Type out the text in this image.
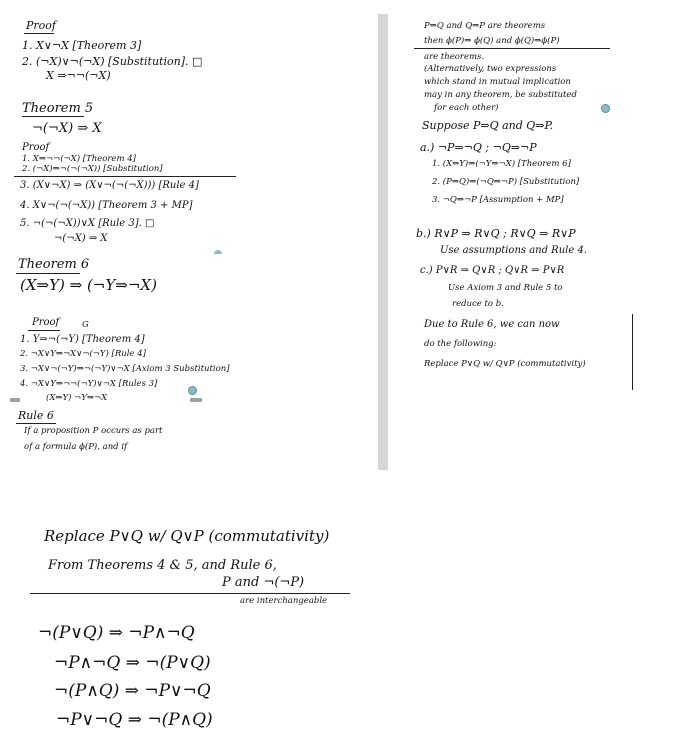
Proof
1. X∨¬X [Theorem 3]
2. (¬X)∨¬(¬X) [Substitution]. □
X ⇒¬¬(¬X)
Theorem 5
¬(¬X) ⇒ X
Proof
1. X⇒¬¬(¬X) [Theorem 4]
2. (¬X)⇒¬(¬(¬X)) [Substitution]
3. (X∨¬X) ⇒ (X∨¬(¬(¬X))) [Rule 4]
4. X∨¬(¬(¬X)) [Theorem 3 + MP]
5. ¬(¬(¬X))∨X [Rule 3]. □
¬(¬X) ⇒ X
Theorem 6
(X⇒Y) ⇒ (¬Y⇒¬X)
Proof	G
1. Y⇒¬(¬Y) [Theorem 4]
2. ¬X∨Y⇒¬X∨¬(¬Y) [Rule 4]
3. ¬X∨¬(¬Y)⇒¬(¬Y)∨¬X [Axiom 3 Substitution]
4. ¬X∨Y⇒¬¬(¬Y)∨¬X [Rules 3]
(X⇒Y) ¬Y⇒¬X
Rule 6
If a proposition P occurs as part
of a formula ϕ(P), and if
P⇒Q and Q⇒P are theorems
then ϕ(P)⇒ ϕ(Q) and ϕ(Q)⇒ϕ(P)
are theorems.
(Alternatively, two expressions
which stand in mutual implication
may in any theorem, be substituted
for each other)
Suppose P⇒Q and Q⇒P.
a.) ¬P⇒¬Q ; ¬Q⇒¬P
1. (X⇒Y)⇒(¬Y⇒¬X) [Theorem 6]
2. (P⇒Q)⇒(¬Q⇒¬P) [Substitution]
3. ¬Q⇒¬P [Assumption + MP]
b.) R∨P ⇒ R∨Q ; R∨Q ⇒ R∨P
Use assumptions and Rule 4.
c.) P∨R ⇒ Q∨R ; Q∨R ⇒ P∨R
Use Axiom 3 and Rule 5 to
reduce to b.
Due to Rule 6, we can now
do the following:
Replace P∨Q w/ Q∨P (commutativity)
Replace P∨Q w/ Q∨P (commutativity)
From Theorems 4 & 5, and Rule 6,
P and ¬(¬P)
are interchangeable
¬(P∨Q) ⇒ ¬P∧¬Q
¬P∧¬Q ⇒ ¬(P∨Q)
¬(P∧Q) ⇒ ¬P∨¬Q
¬P∨¬Q ⇒ ¬(P∧Q)
